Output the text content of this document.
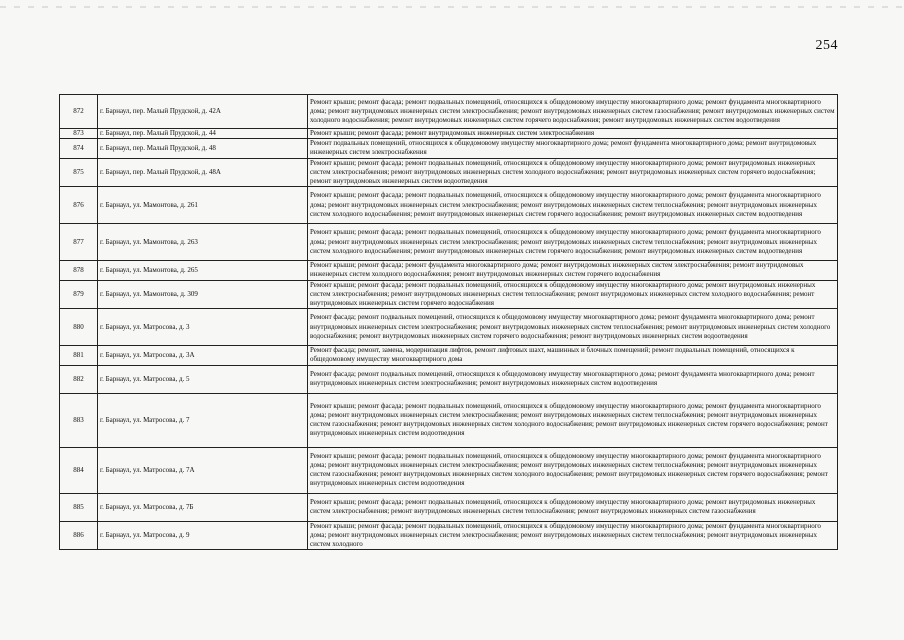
254
872	г. Барнаул, пер. Малый Прудской, д. 42А	Ремонт крыши; ремонт фасада; ремонт подвальных помещений, относящихся к общедомовому имуществу многоквартирного дома; ремонт фундамента многоквартирного дома; ремонт внутридомовых инженерных систем электроснабжения; ремонт внутридомовых инженерных систем газоснабжения; ремонт внутридомовых инженерных систем холодного водоснабжения; ремонт внутридомовых инженерных систем горячего водоснабжения; ремонт внутридомовых инженерных систем водоотведения
873	г. Барнаул, пер. Малый Прудской, д. 44	Ремонт крыши; ремонт фасада; ремонт внутридомовых инженерных систем электроснабжения
874	г. Барнаул, пер. Малый Прудской, д. 48	Ремонт подвальных помещений, относящихся к общедомовому имуществу многоквартирного дома; ремонт фундамента многоквартирного дома; ремонт внутридомовых инженерных систем электроснабжения
875	г. Барнаул, пер. Малый Прудской, д. 48А	Ремонт крыши; ремонт фасада; ремонт подвальных помещений, относящихся к общедомовому имуществу многоквартирного дома; ремонт внутридомовых инженерных систем электроснабжения; ремонт внутридомовых инженерных систем холодного водоснабжения; ремонт внутридомовых инженерных систем горячего водоснабжения; ремонт внутридомовых инженерных систем водоотведения
876	г. Барнаул, ул. Мамонтова, д. 261	Ремонт крыши; ремонт фасада; ремонт подвальных помещений, относящихся к общедомовому имуществу многоквартирного дома; ремонт фундамента многоквартирного дома; ремонт внутридомовых инженерных систем электроснабжения; ремонт внутридомовых инженерных систем теплоснабжения; ремонт внутридомовых инженерных систем холодного водоснабжения; ремонт внутридомовых инженерных систем горячего водоснабжения; ремонт внутридомовых инженерных систем водоотведения
877	г. Барнаул, ул. Мамонтова, д. 263	Ремонт крыши; ремонт фасада; ремонт подвальных помещений, относящихся к общедомовому имуществу многоквартирного дома; ремонт фундамента многоквартирного дома; ремонт внутридомовых инженерных систем электроснабжения; ремонт внутридомовых инженерных систем теплоснабжения; ремонт внутридомовых инженерных систем холодного водоснабжения; ремонт внутридомовых инженерных систем горячего водоснабжения; ремонт внутридомовых инженерных систем водоотведения
878	г. Барнаул, ул. Мамонтова, д. 265	Ремонт крыши; ремонт фасада; ремонт фундамента многоквартирного дома; ремонт внутридомовых инженерных систем электроснабжения; ремонт внутридомовых инженерных систем холодного водоснабжения; ремонт внутридомовых инженерных систем горячего водоснабжения
879	г. Барнаул, ул. Мамонтова, д. 309	Ремонт крыши; ремонт фасада; ремонт подвальных помещений, относящихся к общедомовому имуществу многоквартирного дома; ремонт внутридомовых инженерных систем электроснабжения; ремонт внутридомовых инженерных систем теплоснабжения; ремонт внутридомовых инженерных систем холодного водоснабжения; ремонт внутридомовых инженерных систем горячего водоснабжения
880	г. Барнаул, ул. Матросова, д. 3	Ремонт фасада; ремонт подвальных помещений, относящихся к общедомовому имуществу многоквартирного дома; ремонт фундамента многоквартирного дома; ремонт внутридомовых инженерных систем электроснабжения; ремонт внутридомовых инженерных систем теплоснабжения; ремонт внутридомовых инженерных систем холодного водоснабжения; ремонт внутридомовых инженерных систем горячего водоснабжения; ремонт внутридомовых инженерных систем водоотведения
881	г. Барнаул, ул. Матросова, д. 3А	Ремонт фасада; ремонт, замена, модернизация лифтов, ремонт лифтовых шахт, машинных и блочных помещений; ремонт подвальных помещений, относящихся к общедомовому имуществу многоквартирного дома
882	г. Барнаул, ул. Матросова, д. 5	Ремонт фасада; ремонт подвальных помещений, относящихся к общедомовому имуществу многоквартирного дома; ремонт фундамента многоквартирного дома; ремонт внутридомовых инженерных систем электроснабжения; ремонт внутридомовых инженерных систем водоотведения
883	г. Барнаул, ул. Матросова, д. 7	Ремонт крыши; ремонт фасада; ремонт подвальных помещений, относящихся к общедомовому имуществу многоквартирного дома; ремонт фундамента многоквартирного дома; ремонт внутридомовых инженерных систем электроснабжения; ремонт внутридомовых инженерных систем теплоснабжения; ремонт внутридомовых инженерных систем газоснабжения; ремонт внутридомовых инженерных систем холодного водоснабжения; ремонт внутридомовых инженерных систем горячего водоснабжения; ремонт внутридомовых инженерных систем водоотведения
884	г. Барнаул, ул. Матросова, д. 7А	Ремонт крыши; ремонт фасада; ремонт подвальных помещений, относящихся к общедомовому имуществу многоквартирного дома; ремонт фундамента многоквартирного дома; ремонт внутридомовых инженерных систем электроснабжения; ремонт внутридомовых инженерных систем теплоснабжения; ремонт внутридомовых инженерных систем газоснабжения; ремонт внутридомовых инженерных систем холодного водоснабжения; ремонт внутридомовых инженерных систем горячего водоснабжения; ремонт внутридомовых инженерных систем водоотведения
885	г. Барнаул, ул. Матросова, д. 7Б	Ремонт крыши; ремонт фасада; ремонт подвальных помещений, относящихся к общедомовому имуществу многоквартирного дома; ремонт внутридомовых инженерных систем электроснабжения; ремонт внутридомовых инженерных систем теплоснабжения; ремонт внутридомовых инженерных систем газоснабжения
886	г. Барнаул, ул. Матросова, д. 9	Ремонт крыши; ремонт фасада; ремонт подвальных помещений, относящихся к общедомовому имуществу многоквартирного дома; ремонт фундамента многоквартирного дома; ремонт внутридомовых инженерных систем электроснабжения; ремонт внутридомовых инженерных систем теплоснабжения; ремонт внутридомовых инженерных систем холодного
